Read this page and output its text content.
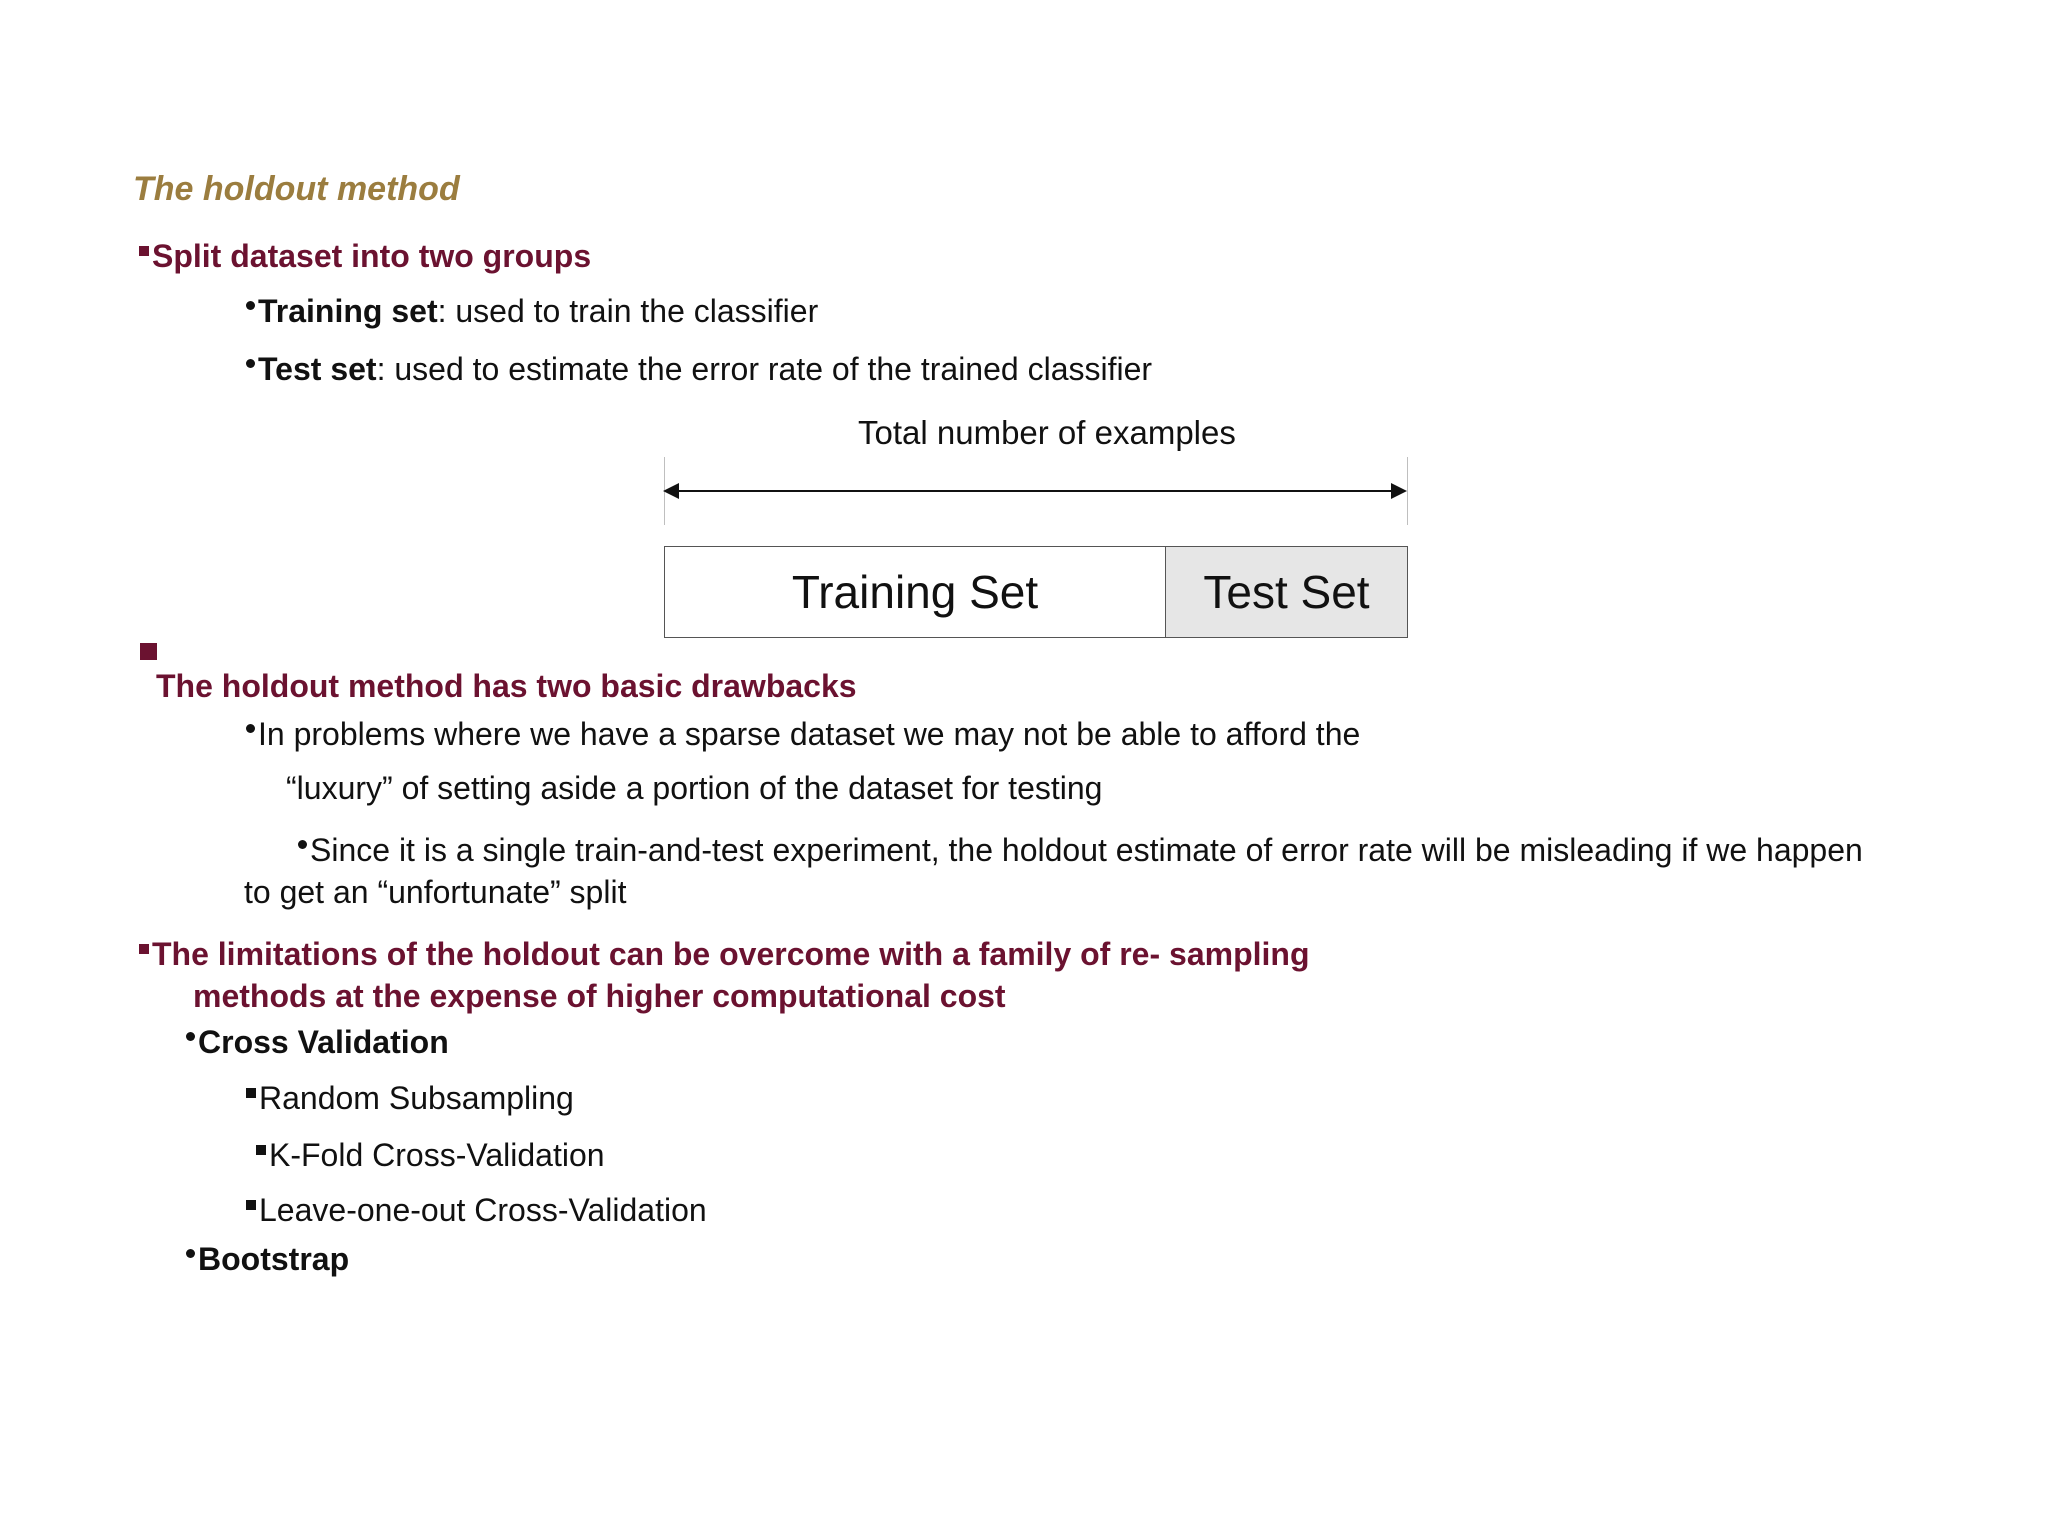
The holdout method
Split dataset into two groups
Training set: used to train the classifier
Test set: used to estimate the error rate of the trained classifier
Total number of examples
Training Set	Test Set
The holdout method has two basic drawbacks
In problems where we have a sparse dataset we may not be able to afford the
“luxury” of setting aside a portion of the dataset for testing
Since it is a single train-and-test experiment, the holdout estimate of error rate will be misleading if we happen
to get an “unfortunate” split
The limitations of the holdout can be overcome with a family of re- sampling
methods at the expense of higher computational cost
Cross Validation
Random Subsampling
K-Fold Cross-Validation
Leave-one-out Cross-Validation
Bootstrap
